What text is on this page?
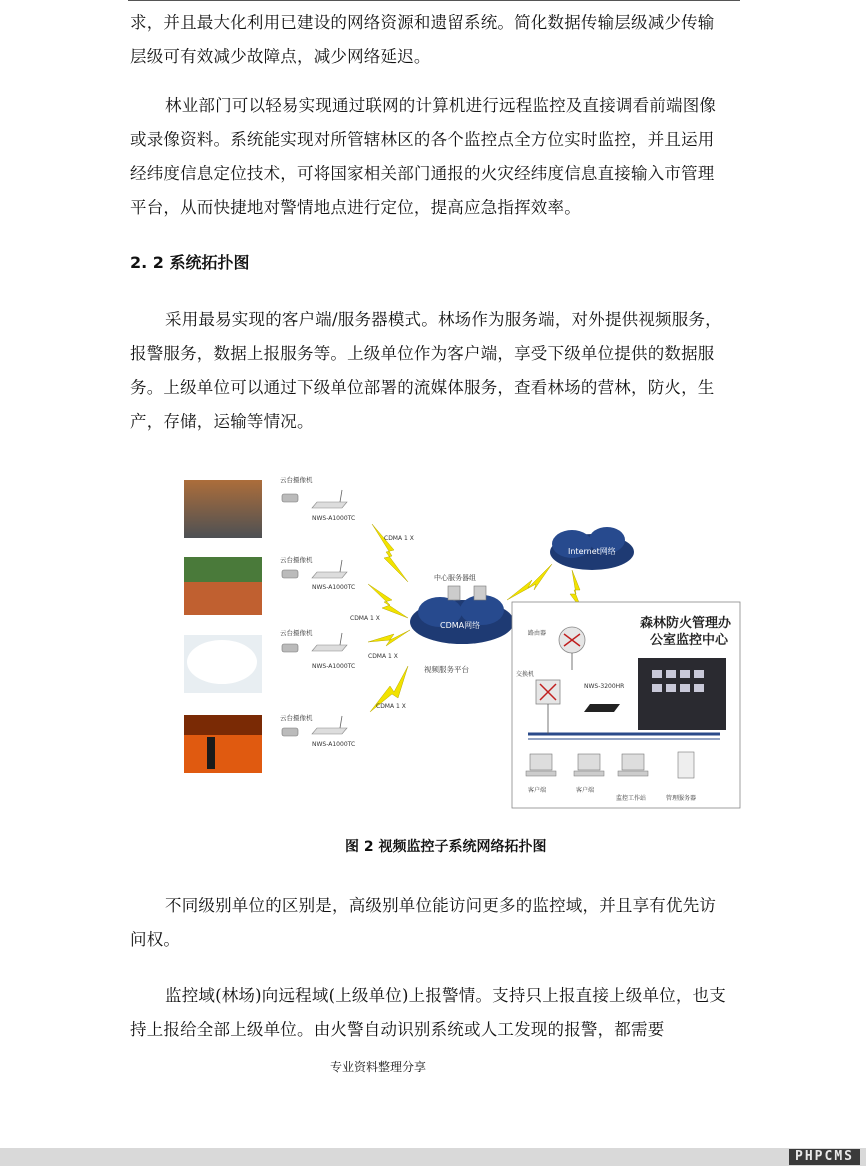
求，并且最大化利用已建设的网络资源和遗留系统。简化数据传输层级减少传输层级可有效减少故障点，减少网络延迟。

林业部门可以轻易实现通过联网的计算机进行远程监控及直接调看前端图像或录像资料。系统能实现对所管辖林区的各个监控点全方位实时监控，并且运用经纬度信息定位技术，可将国家相关部门通报的火灾经纬度信息直接输入市管理平台，从而快捷地对警情地点进行定位，提高应急指挥效率。

2. 2 系统拓扑图

采用最易实现的客户端/服务器模式。林场作为服务端，对外提供视频服务，报警服务，数据上报服务等。上级单位作为客户端，享受下级单位提供的数据服务。上级单位可以通过下级单位部署的流媒体服务，查看林场的营林，防火，生产，存储，运输等情况。

云台摄像机
NWS-A1000TC
云台摄像机
NWS-A1000TC
云台摄像机
NWS-A1000TC
云台摄像机
NWS-A1000TC
CDMA 1 X
CDMA 1 X
CDMA 1 X
CDMA 1 X
Internet网络
CDMA网络
中心服务器组
视频服务平台
森林防火管理办
公室监控中心
路由器
交换机
NWS-3200HR
客户端	客户端
监控工作站	管理服务器
图 2 视频监控子系统网络拓扑图

不同级别单位的区别是，高级别单位能访问更多的监控域，并且享有优先访问权。

监控域(林场)向远程域(上级单位)上报警情。支持只上报直接上级单位，也支持上报给全部上级单位。由火警自动识别系统或人工发现的报警，都需要

专业资料整理分享
PHPCMS
